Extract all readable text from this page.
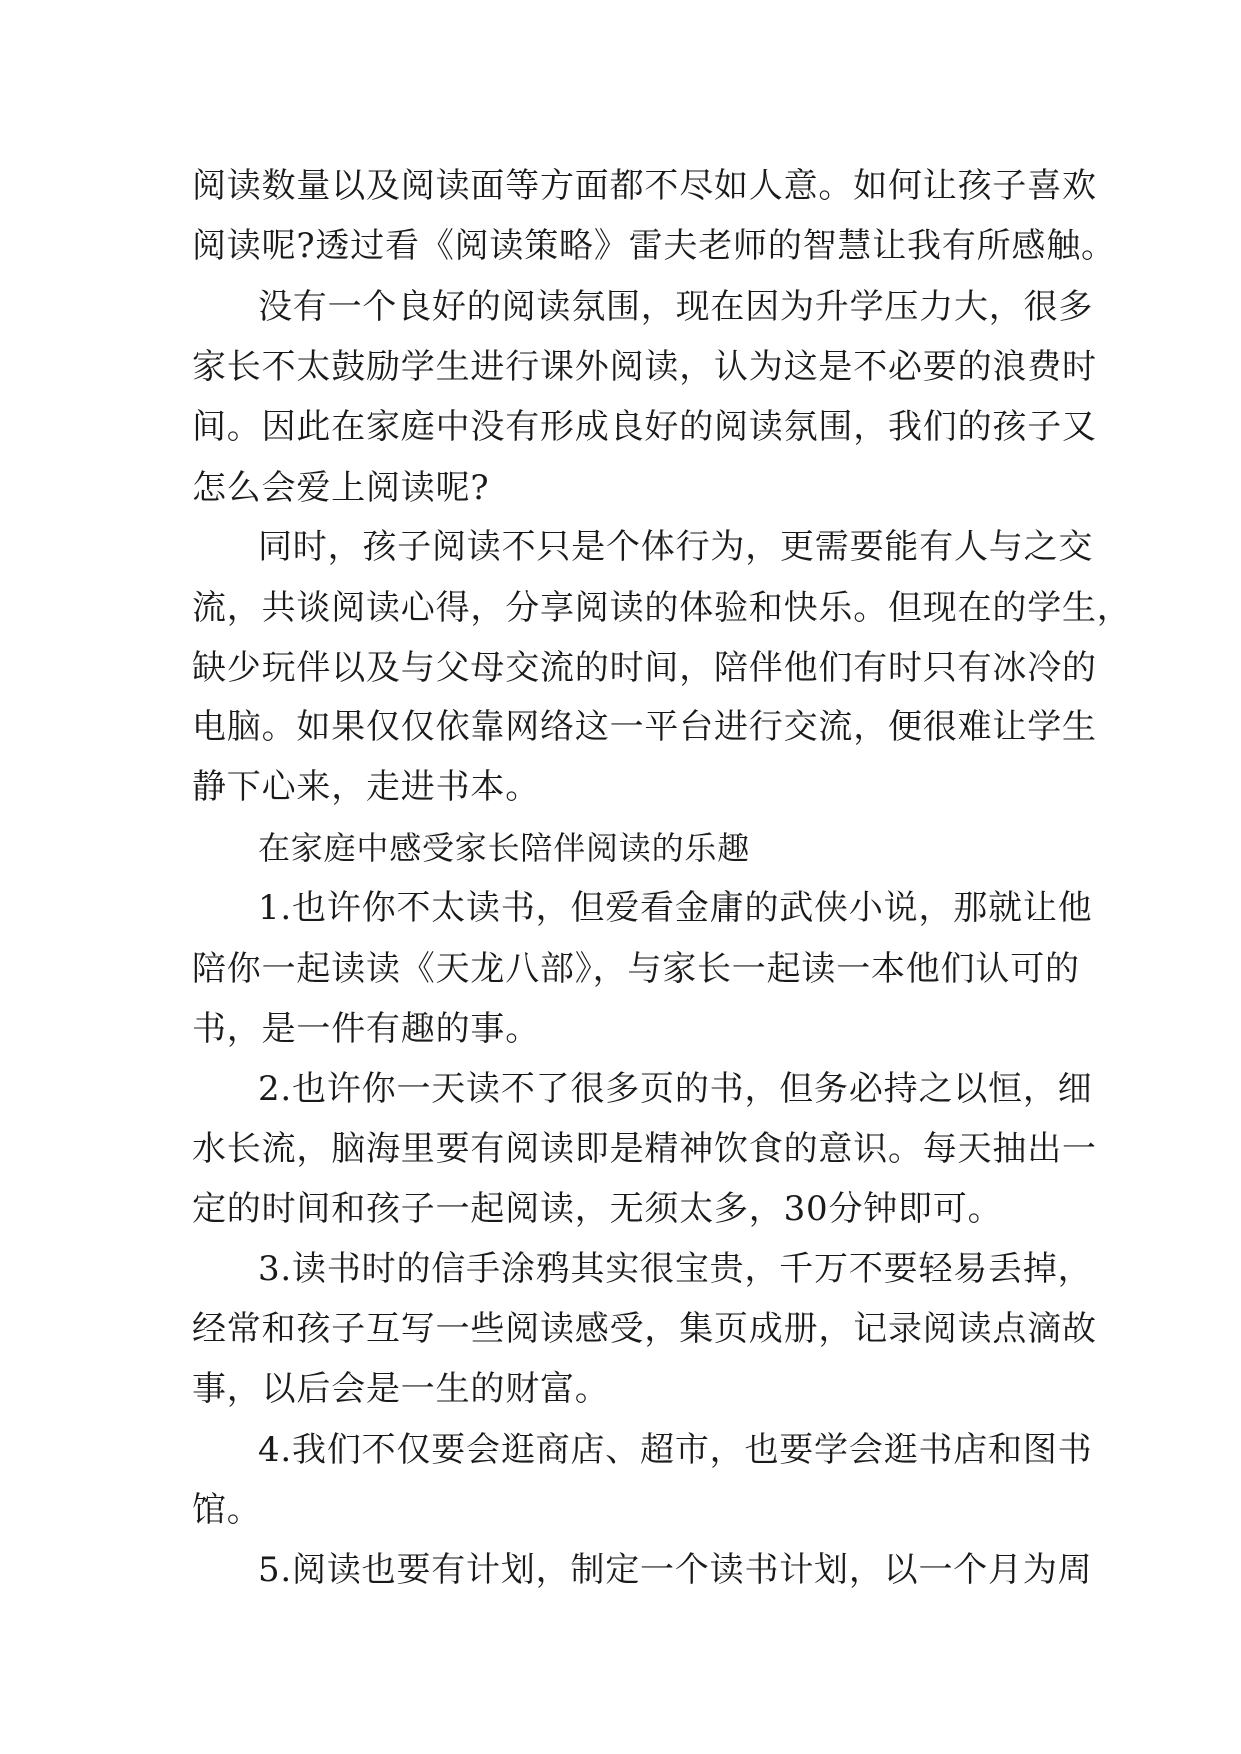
阅读数量以及阅读面等方面都不尽如人意。如何让孩子喜欢
阅读呢?透过看《阅读策略》雷夫老师的智慧让我有所感触。
没有一个良好的阅读氛围，现在因为升学压力大，很多
家长不太鼓励学生进行课外阅读，认为这是不必要的浪费时
间。因此在家庭中没有形成良好的阅读氛围，我们的孩子又
怎么会爱上阅读呢?
同时，孩子阅读不只是个体行为，更需要能有人与之交
流，共谈阅读心得，分享阅读的体验和快乐。但现在的学生，
缺少玩伴以及与父母交流的时间，陪伴他们有时只有冰冷的
电脑。如果仅仅依靠网络这一平台进行交流，便很难让学生
静下心来，走进书本。
在家庭中感受家长陪伴阅读的乐趣
1.也许你不太读书，但爱看金庸的武侠小说，那就让他
陪你一起读读《天龙八部》，与家长一起读一本他们认可的
书，是一件有趣的事。
2.也许你一天读不了很多页的书，但务必持之以恒，细
水长流，脑海里要有阅读即是精神饮食的意识。每天抽出一
定的时间和孩子一起阅读，无须太多，30分钟即可。
3.读书时的信手涂鸦其实很宝贵，千万不要轻易丢掉，
经常和孩子互写一些阅读感受，集页成册，记录阅读点滴故
事，以后会是一生的财富。
4.我们不仅要会逛商店、超市，也要学会逛书店和图书
馆。
5.阅读也要有计划，制定一个读书计划，以一个月为周
